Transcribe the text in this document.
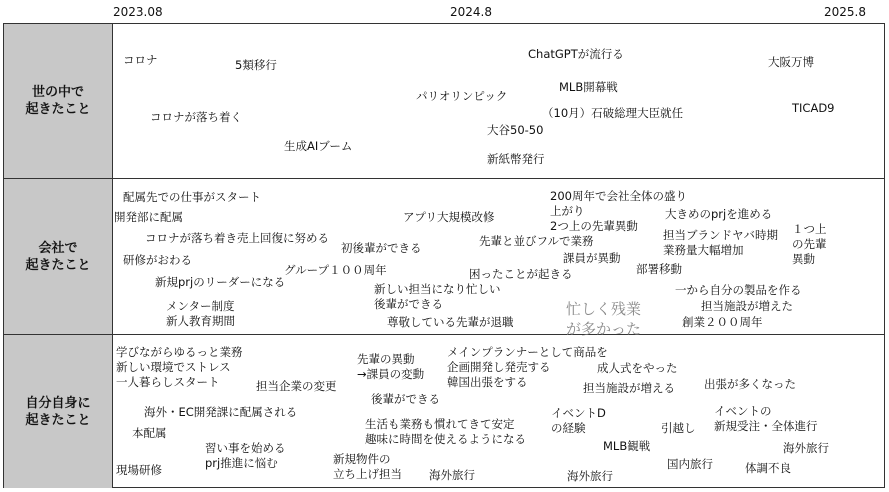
2023.08	2024.8	2025.8
世の中で
起きたこと
会社で
起きたこと
自分自身に
起きたこと
コロナ	5類移行
コロナが落ち着く
生成AIブーム
パリオリンピック
ChatGPTが流行る
MLB開幕戦
（10月）石破総理大臣就任
大谷50-50
新紙幣発行
大阪万博
TICAD9
配属先での仕事がスタート
開発部に配属
コロナが落ち着き売上回復に努める
研修がおわる
新規prjのリーダーになる
メンター制度
新人教育期間
アプリ大規模改修
初後輩ができる
グループ１００周年
新しい担当になり忙しい
後輩ができる
尊敬している先輩が退職
先輩と並びフルで業務
困ったことが起きる
200周年で会社全体の盛り
上がり
2つ上の先輩異動
課員が異動
忙しく残業
が多かった
部署移動
大きめのprjを進める
担当ブランドヤバ時期
業務量大幅増加
１つ上
の先輩
異動
一から自分の製品を作る
担当施設が増えた
創業２００周年
学びながらゆるっと業務
新しい環境でストレス
一人暮らしスタート	担当企業の変更
海外・EC開発課に配属される
本配属
習い事を始める
prj推進に悩む
現場研修
先輩の異動
→課員の変動
後輩ができる
生活も業務も慣れてきて安定
趣味に時間を使えるようになる
新規物件の
立ち上げ担当 海外旅行
メインプランナーとして商品を
企画開発し発売する
韓国出張をする
成人式をやった
担当施設が増える
イベントD
の経験
MLB観戦
海外旅行
出張が多くなった
イベントの
新規受注・全体進行
引越し
国内旅行
海外旅行
体調不良
